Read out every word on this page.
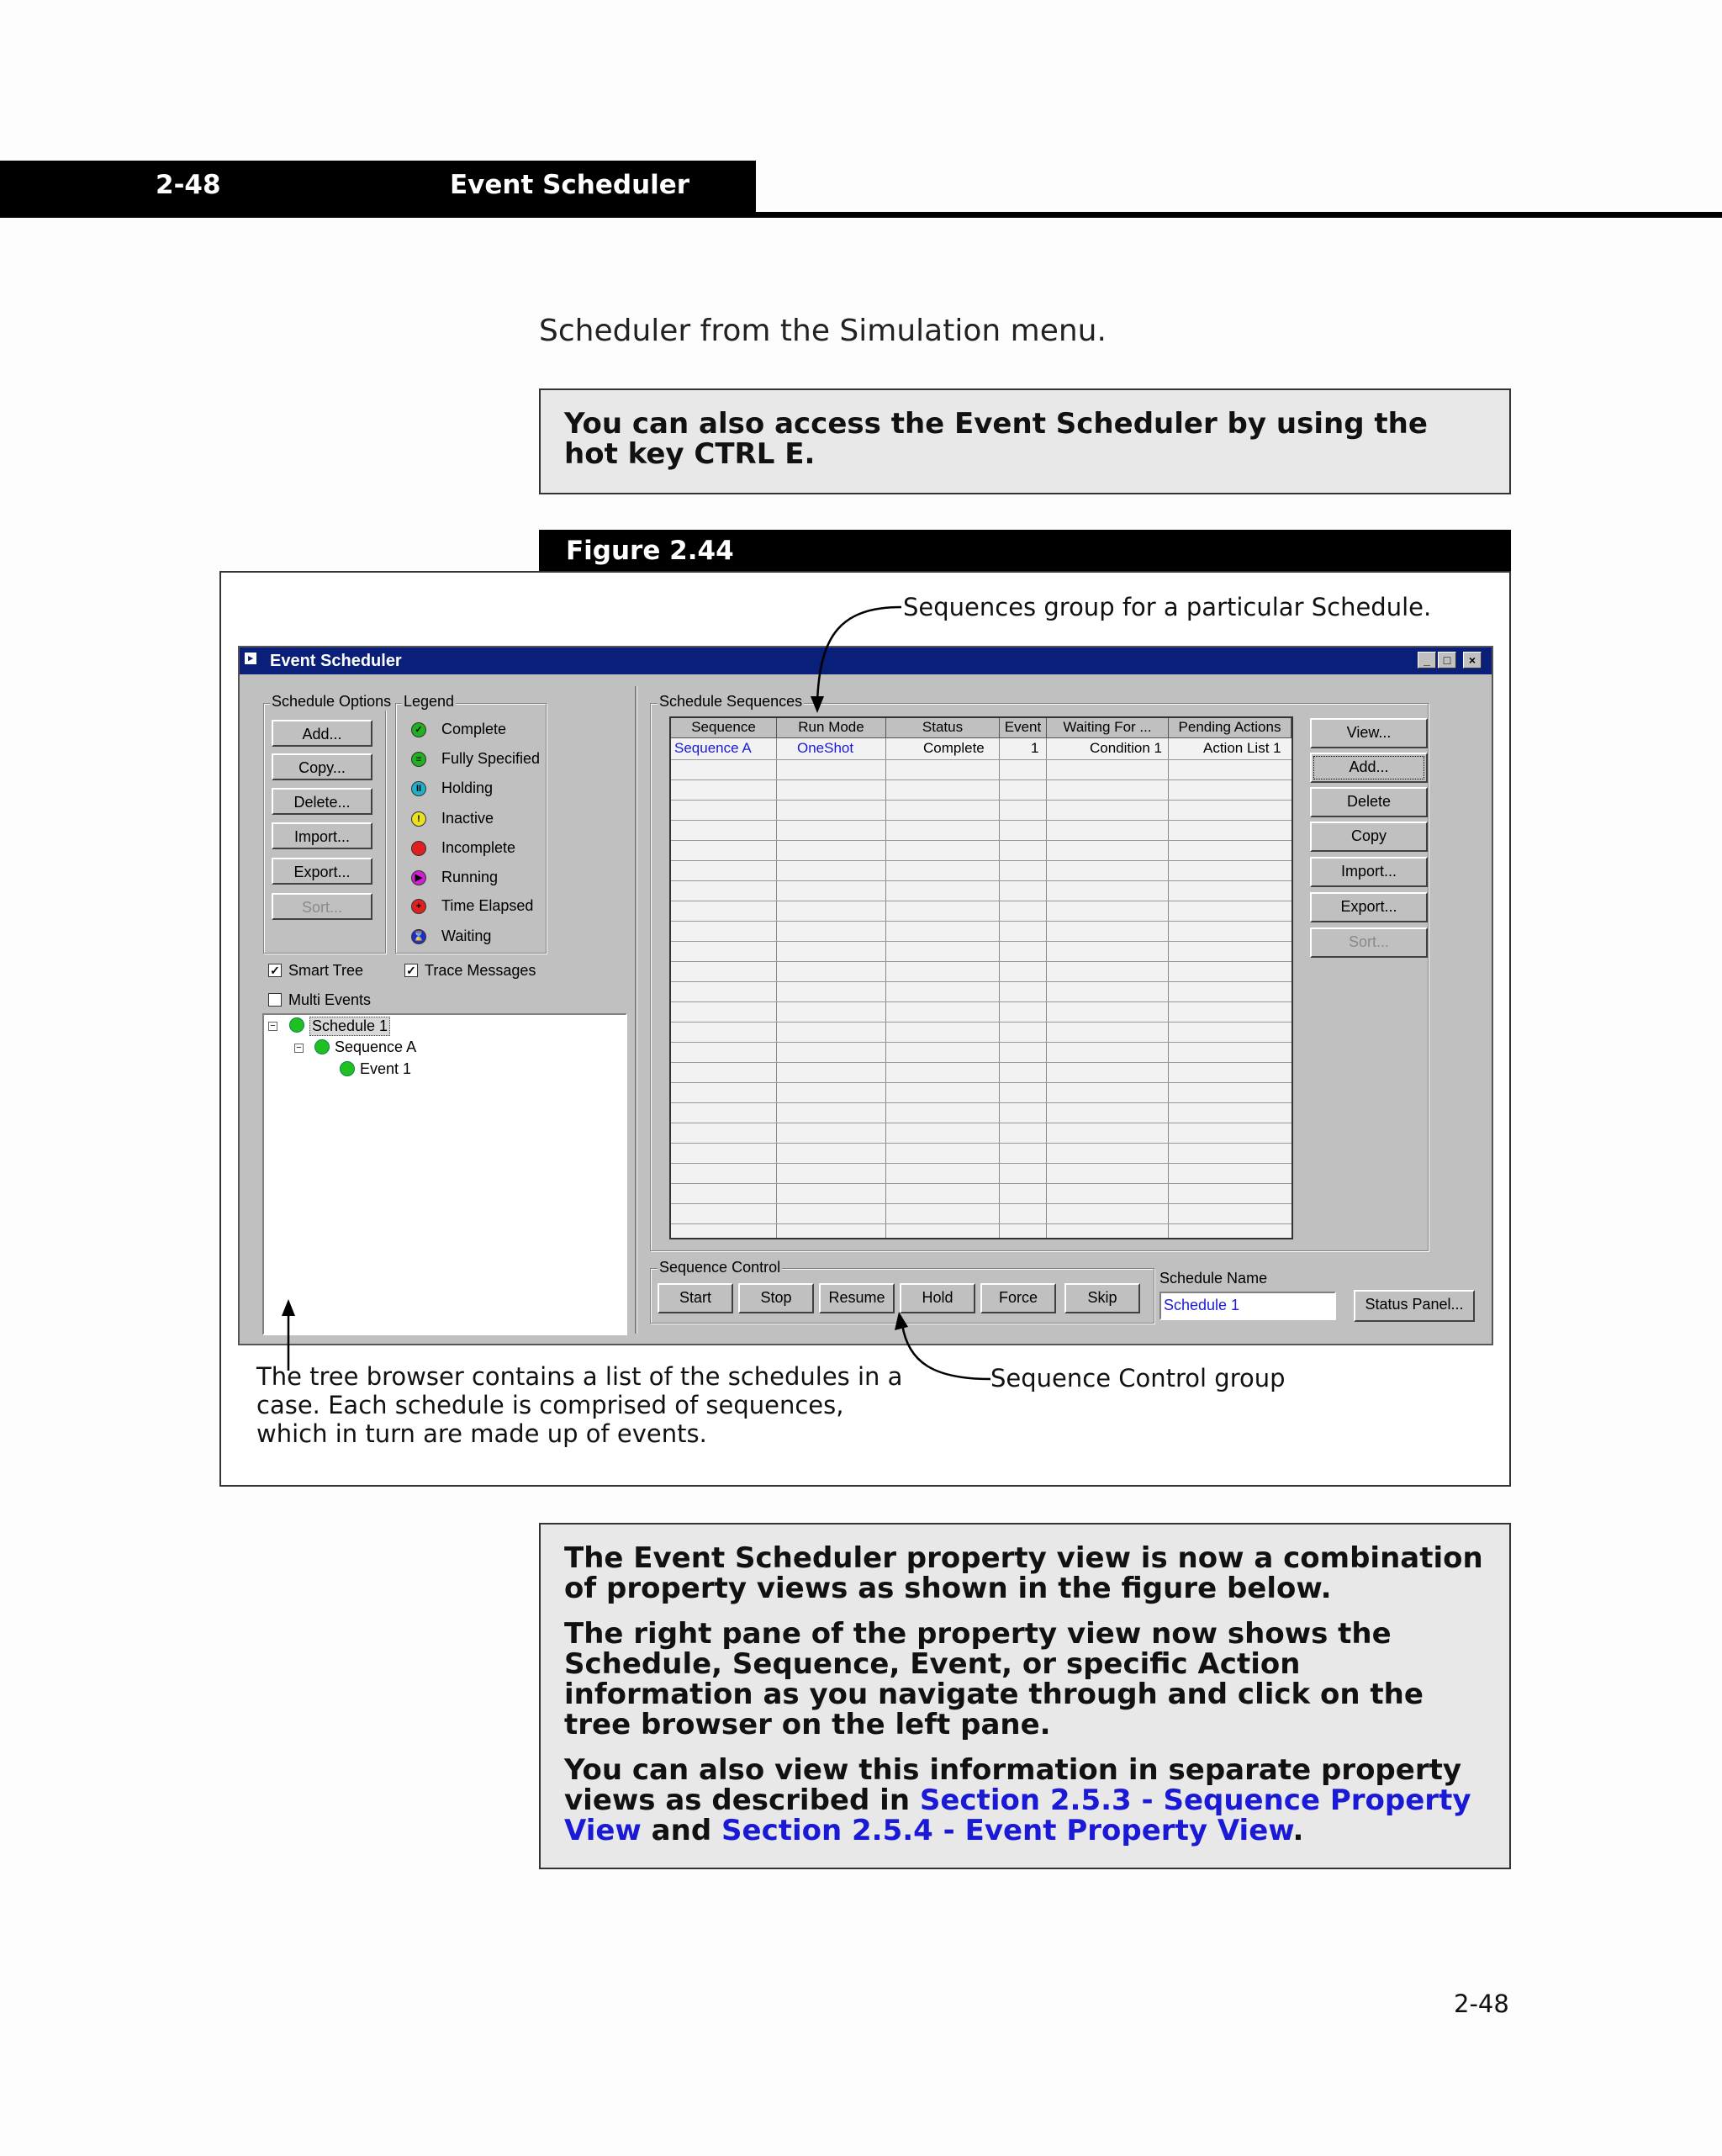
2-48	Event Scheduler
Scheduler from the Simulation menu.
You can also access the Event Scheduler by using the hot key CTRL E.
Figure 2.44
Sequences group for a particular Schedule.
The tree browser contains a list of the schedules in a
case. Each schedule is comprised of sequences,
which in turn are made up of events.
Sequence Control group
▸ Event Scheduler	_	□	×
Schedule Options
Add...
Copy...
Delete...
Import...
Export...
Sort...
Legend
✓ Complete
≡	Fully Specified
II	Holding
!	Inactive
Incomplete
▶ Running
+	Time Elapsed
⌛ Waiting
✓ Smart Tree	✓ Trace Messages
Multi Events
− Schedule 1
− Sequence A
Event 1
Schedule Sequences
Sequence	Run Mode	Status	Event	Waiting For ...	Pending Actions
Sequence A	OneShot	Complete	1	Condition 1	Action List 1
View...
Add...
Delete
Copy
Import...
Export...
Sort...
Sequence Control
Start	Stop	Resume	Hold	Force	Skip
Schedule Name
Schedule 1	Status Panel...

The Event Scheduler property view is now a combination of property views as shown in the figure below.

The right pane of the property view now shows the Schedule, Sequence, Event, or specific Action information as you navigate through and click on the tree browser on the left pane.

You can also view this information in separate property views as described in Section 2.5.3 - Sequence Property View and Section 2.5.4 - Event Property View.

2-48
